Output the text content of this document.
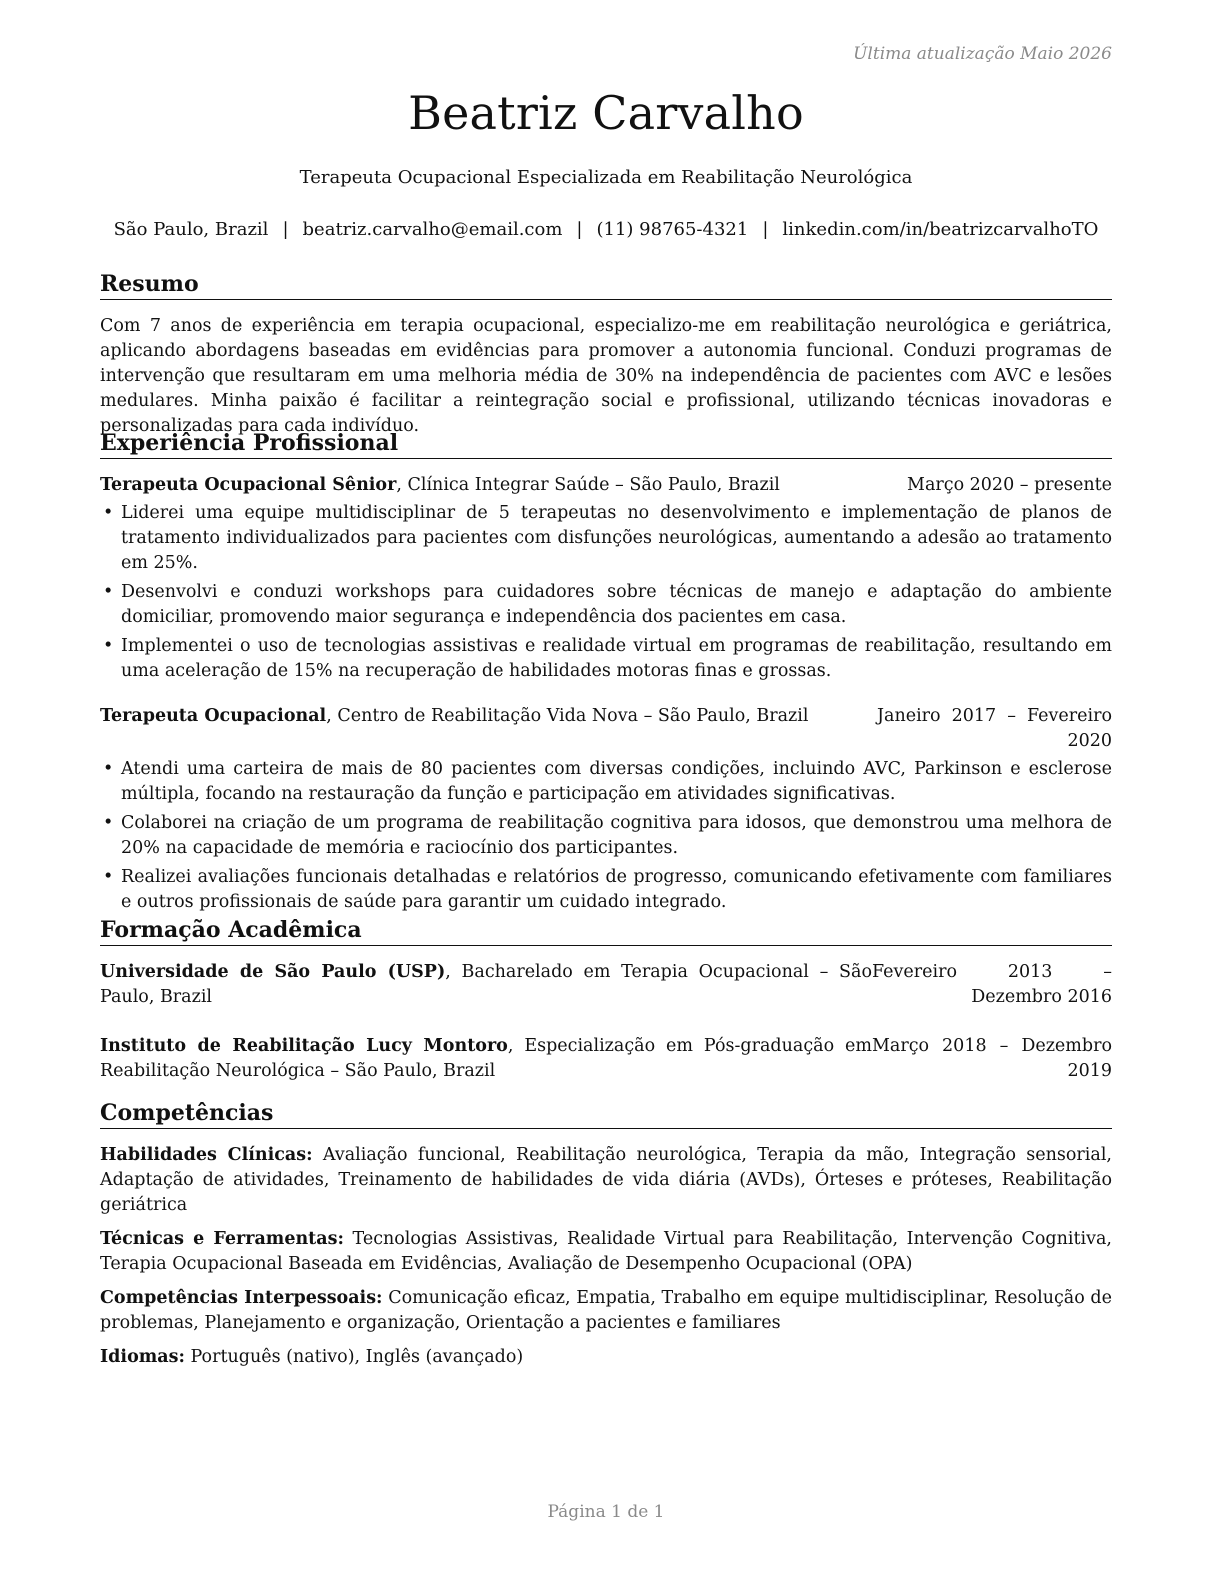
Última atualização Maio 2026
Beatriz Carvalho
Terapeuta Ocupacional Especializada em Reabilitação Neurológica
São Paulo, Brazil | beatriz.carvalho@email.com | (11) 98765-4321 | linkedin.com/in/beatrizcarvalhoTO
Resumo
Com 7 anos de experiência em terapia ocupacional, especializo-me em reabilitação neurológica e geriátrica, aplicando abordagens baseadas em evidências para promover a autonomia funcional. Conduzi programas de intervenção que resultaram em uma melhoria média de 30% na independência de pacientes com AVC e lesões medulares. Minha paixão é facilitar a reintegração social e profissional, utilizando técnicas inovadoras e personalizadas para cada indivíduo.
Experiência Profissional
Terapeuta Ocupacional Sênior, Clínica Integrar Saúde – São Paulo, Brazil	Março 2020 – presente
• Liderei uma equipe multidisciplinar de 5 terapeutas no desenvolvimento e implementação de planos de tratamento individualizados para pacientes com disfunções neurológicas, aumentando a adesão ao tratamento em 25%.
• Desenvolvi e conduzi workshops para cuidadores sobre técnicas de manejo e adaptação do ambiente domiciliar, promovendo maior segurança e independência dos pacientes em casa.
• Implementei o uso de tecnologias assistivas e realidade virtual em programas de reabilitação, resultando em uma aceleração de 15% na recuperação de habilidades motoras finas e grossas.
Terapeuta Ocupacional, Centro de Reabilitação Vida Nova – São Paulo, Brazil	Janeiro 2017 – Fevereiro 2020
• Atendi uma carteira de mais de 80 pacientes com diversas condições, incluindo AVC, Parkinson e esclerose múltipla, focando na restauração da função e participação em atividades significativas.
• Colaborei na criação de um programa de reabilitação cognitiva para idosos, que demonstrou uma melhora de 20% na capacidade de memória e raciocínio dos participantes.
• Realizei avaliações funcionais detalhadas e relatórios de progresso, comunicando efetivamente com familiares e outros profissionais de saúde para garantir um cuidado integrado.
Formação Acadêmica
Universidade de São Paulo (USP), Bacharelado em Terapia Ocupacional – São Paulo, Brazil
Fevereiro 2013 – Dezembro 2016
Instituto de Reabilitação Lucy Montoro, Especialização em Pós-graduação em Reabilitação Neurológica – São Paulo, Brazil
Março 2018 – Dezembro 2019
Competências
Habilidades Clínicas: Avaliação funcional, Reabilitação neurológica, Terapia da mão, Integração sensorial, Adaptação de atividades, Treinamento de habilidades de vida diária (AVDs), Órteses e próteses, Reabilitação geriátrica
Técnicas e Ferramentas: Tecnologias Assistivas, Realidade Virtual para Reabilitação, Intervenção Cognitiva, Terapia Ocupacional Baseada em Evidências, Avaliação de Desempenho Ocupacional (OPA)
Competências Interpessoais: Comunicação eficaz, Empatia, Trabalho em equipe multidisciplinar, Resolução de problemas, Planejamento e organização, Orientação a pacientes e familiares
Idiomas: Português (nativo), Inglês (avançado)
Página 1 de 1
